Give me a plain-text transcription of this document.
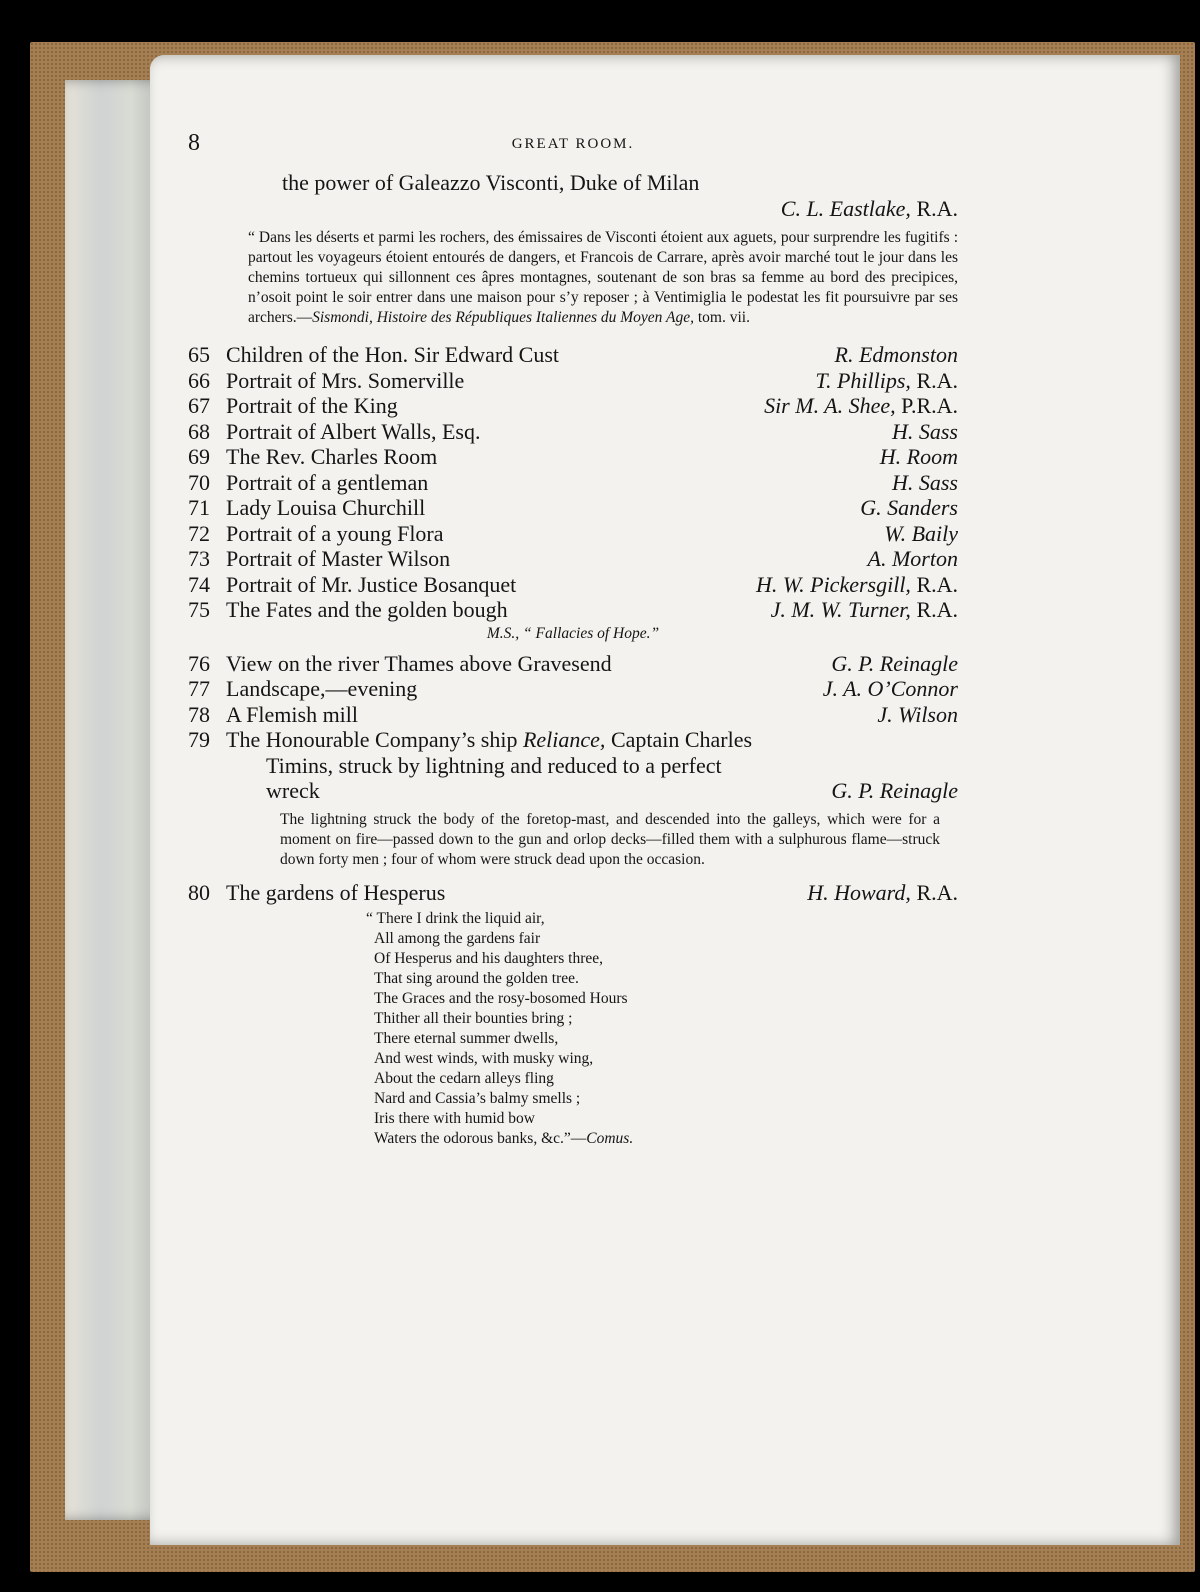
8	GREAT ROOM.
the power of Galeazzo Visconti, Duke of Milan
C. L. Eastlake, R.A.
“ Dans les déserts et parmi les rochers, des émissaires de Visconti étoient aux aguets, pour surprendre les fugitifs : partout les voyageurs étoient entourés de dangers, et Francois de Carrare, après avoir marché tout le jour dans les chemins tortueux qui sillonnent ces âpres montagnes, soutenant de son bras sa femme au bord des precipices, n’osoit point le soir entrer dans une maison pour s’y reposer ; à Ventimiglia le podestat les fit poursuivre par ses archers.—Sismondi, Histoire des Républiques Italiennes du Moyen Age, tom. vii.
65 Children of the Hon. Sir Edward Cust	R. Edmonston
66 Portrait of Mrs. Somerville	T. Phillips, R.A.
67 Portrait of the King	Sir M. A. Shee, P.R.A.
68 Portrait of Albert Walls, Esq.	H. Sass
69 The Rev. Charles Room	H. Room
70 Portrait of a gentleman	H. Sass
71 Lady Louisa Churchill	G. Sanders
72 Portrait of a young Flora	W. Baily
73 Portrait of Master Wilson	A. Morton
74 Portrait of Mr. Justice Bosanquet	H. W. Pickersgill, R.A.
75 The Fates and the golden bough	J. M. W. Turner, R.A.
M.S., “ Fallacies of Hope.”
76 View on the river Thames above Gravesend	G. P. Reinagle
77 Landscape,—evening	J. A. O’Connor
78 A Flemish mill	J. Wilson
79 The Honourable Company’s ship Reliance, Captain Charles
Timins, struck by lightning and reduced to a perfect
wreck	G. P. Reinagle
The lightning struck the body of the foretop-mast, and descended into the galleys, which were for a moment on fire—passed down to the gun and orlop decks—filled them with a sulphurous flame—struck down forty men ; four of whom were struck dead upon the occasion.
80 The gardens of Hesperus	H. Howard, R.A.
“ There I drink the liquid air,
All among the gardens fair
Of Hesperus and his daughters three,
That sing around the golden tree.
The Graces and the rosy-bosomed Hours
Thither all their bounties bring ;
There eternal summer dwells,
And west winds, with musky wing,
About the cedarn alleys fling
Nard and Cassia’s balmy smells ;
Iris there with humid bow
Waters the odorous banks, &c.”—Comus.
